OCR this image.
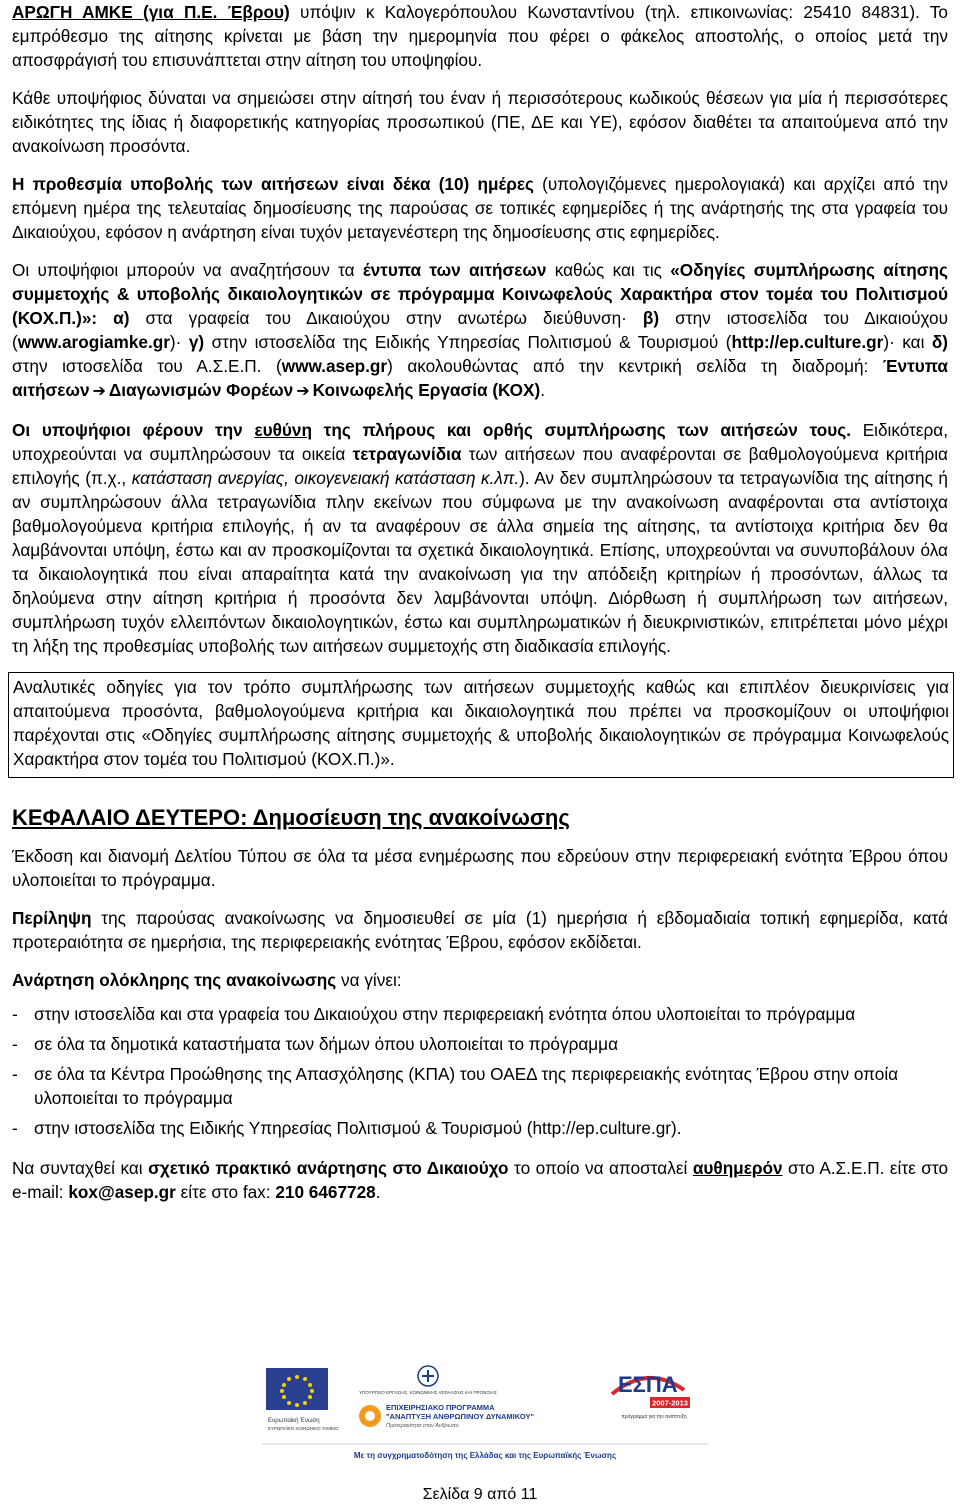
ΑΡΩΓΗ ΑΜΚΕ (για Π.Ε. Έβρου) υπόψιν κ Καλογερόπουλου Κωνσταντίνου (τηλ. επικοινωνίας: 25410 84831). Το εμπρόθεσμο της αίτησης κρίνεται με βάση την ημερομηνία που φέρει ο φάκελος αποστολής, ο οποίος μετά την αποσφράγισή του επισυνάπτεται στην αίτηση του υποψηφίου.

Κάθε υποψήφιος δύναται να σημειώσει στην αίτησή του έναν ή περισσότερους κωδικούς θέσεων για μία ή περισσότερες ειδικότητες της ίδιας ή διαφορετικής κατηγορίας προσωπικού (ΠΕ, ΔΕ και ΥΕ), εφόσον διαθέτει τα απαιτούμενα από την ανακοίνωση προσόντα.

Η προθεσμία υποβολής των αιτήσεων είναι δέκα (10) ημέρες (υπολογιζόμενες ημερολογιακά) και αρχίζει από την επόμενη ημέρα της τελευταίας δημοσίευσης της παρούσας σε τοπικές εφημερίδες ή της ανάρτησής της στα γραφεία του Δικαιούχου, εφόσον η ανάρτηση είναι τυχόν μεταγενέστερη της δημοσίευσης στις εφημερίδες.

Οι υποψήφιοι μπορούν να αναζητήσουν τα έντυπα των αιτήσεων καθώς και τις «Οδηγίες συμπλήρωσης αίτησης συμμετοχής & υποβολής δικαιολογητικών σε πρόγραμμα Κοινωφελούς Χαρακτήρα στον τομέα του Πολιτισμού (ΚΟΧ.Π.)»: α) στα γραφεία του Δικαιούχου στην ανωτέρω διεύθυνση· β) στην ιστοσελίδα του Δικαιούχου (www.arogiamke.gr)· γ) στην ιστοσελίδα της Ειδικής Υπηρεσίας Πολιτισμού & Τουρισμού (http://ep.culture.gr)· και δ) στην ιστοσελίδα του Α.Σ.Ε.Π. (www.asep.gr) ακολουθώντας από την κεντρική σελίδα τη διαδρομή: Έντυπα αιτήσεων ➔ Διαγωνισμών Φορέων ➔ Κοινωφελής Εργασία (ΚΟΧ).

Οι υποψήφιοι φέρουν την ευθύνη της πλήρους και ορθής συμπλήρωσης των αιτήσεών τους. Ειδικότερα, υποχρεούνται να συμπληρώσουν τα οικεία τετραγωνίδια των αιτήσεων που αναφέρονται σε βαθμολογούμενα κριτήρια επιλογής (π.χ., κατάσταση ανεργίας, οικογενειακή κατάσταση κ.λπ.). Αν δεν συμπληρώσουν τα τετραγωνίδια της αίτησης ή αν συμπληρώσουν άλλα τετραγωνίδια πλην εκείνων που σύμφωνα με την ανακοίνωση αναφέρονται στα αντίστοιχα βαθμολογούμενα κριτήρια επιλογής, ή αν τα αναφέρουν σε άλλα σημεία της αίτησης, τα αντίστοιχα κριτήρια δεν θα λαμβάνονται υπόψη, έστω και αν προσκομίζονται τα σχετικά δικαιολογητικά. Επίσης, υποχρεούνται να συνυποβάλουν όλα τα δικαιολογητικά που είναι απαραίτητα κατά την ανακοίνωση για την απόδειξη κριτηρίων ή προσόντων, άλλως τα δηλούμενα στην αίτηση κριτήρια ή προσόντα δεν λαμβάνονται υπόψη. Διόρθωση ή συμπλήρωση των αιτήσεων, συμπλήρωση τυχόν ελλειπόντων δικαιολογητικών, έστω και συμπληρωματικών ή διευκρινιστικών, επιτρέπεται μόνο μέχρι τη λήξη της προθεσμίας υποβολής των αιτήσεων συμμετοχής στη διαδικασία επιλογής.

Αναλυτικές οδηγίες για τον τρόπο συμπλήρωσης των αιτήσεων συμμετοχής καθώς και επιπλέον διευκρινίσεις για απαιτούμενα προσόντα, βαθμολογούμενα κριτήρια και δικαιολογητικά που πρέπει να προσκομίζουν οι υποψήφιοι παρέχονται στις «Οδηγίες συμπλήρωσης αίτησης συμμετοχής & υποβολής δικαιολογητικών σε πρόγραμμα Κοινωφελούς Χαρακτήρα στον τομέα του Πολιτισμού (ΚΟΧ.Π.)».

ΚΕΦΑΛΑΙΟ ΔΕΥΤΕΡΟ: Δημοσίευση της ανακοίνωσης

Έκδοση και διανομή Δελτίου Τύπου σε όλα τα μέσα ενημέρωσης που εδρεύουν στην περιφερειακή ενότητα Έβρου όπου υλοποιείται το πρόγραμμα.

Περίληψη της παρούσας ανακοίνωσης να δημοσιευθεί σε μία (1) ημερήσια ή εβδομαδιαία τοπική εφημερίδα, κατά προτεραιότητα σε ημερήσια, της περιφερειακής ενότητας Έβρου, εφόσον εκδίδεται.

Ανάρτηση ολόκληρης της ανακοίνωσης να γίνει:

- στην ιστοσελίδα και στα γραφεία του Δικαιούχου στην περιφερειακή ενότητα όπου υλοποιείται το πρόγραμμα
- σε όλα τα δημοτικά καταστήματα των δήμων όπου υλοποιείται το πρόγραμμα
- σε όλα τα Κέντρα Προώθησης της Απασχόλησης (ΚΠΑ) του ΟΑΕΔ της περιφερειακής ενότητας Έβρου στην οποία υλοποιείται το πρόγραμμα
- στην ιστοσελίδα της Ειδικής Υπηρεσίας Πολιτισμού & Τουρισμού (http://ep.culture.gr).

Να συνταχθεί και σχετικό πρακτικό ανάρτησης στο Δικαιούχο το οποίο να αποσταλεί αυθημερόν στο Α.Σ.Ε.Π. είτε στο e-mail: kox@asep.gr είτε στο fax: 210 6467728.

Ευρωπαϊκή Ένωση
ΕΥΡΩΠΑΪΚΟ ΚΟΙΝΩΝΙΚΟ ΤΑΜΕΙΟ
ΥΠΟΥΡΓΕΙΟ ΕΡΓΑΣΙΑΣ, ΚΟΙΝΩΝΙΚΗΣ ΑΣΦΑΛΙΣΗΣ ΚΑΙ ΠΡΟΝΟΙΑΣ
ΕΠΙΧΕΙΡΗΣΙΑΚΟ ΠΡΟΓΡΑΜΜΑ
"ΑΝΑΠΤΥΞΗ ΑΝΘΡΩΠΙΝΟΥ ΔΥΝΑΜΙΚΟΥ"
Προτεραιότητα στον Άνθρωπο
ΕΣΠΑ
2007-2013
πρόγραμμα για την ανάπτυξη
Με τη συγχρηματοδότηση της Ελλάδας και της Ευρωπαϊκής Ένωσης
Σελίδα 9 από 11
